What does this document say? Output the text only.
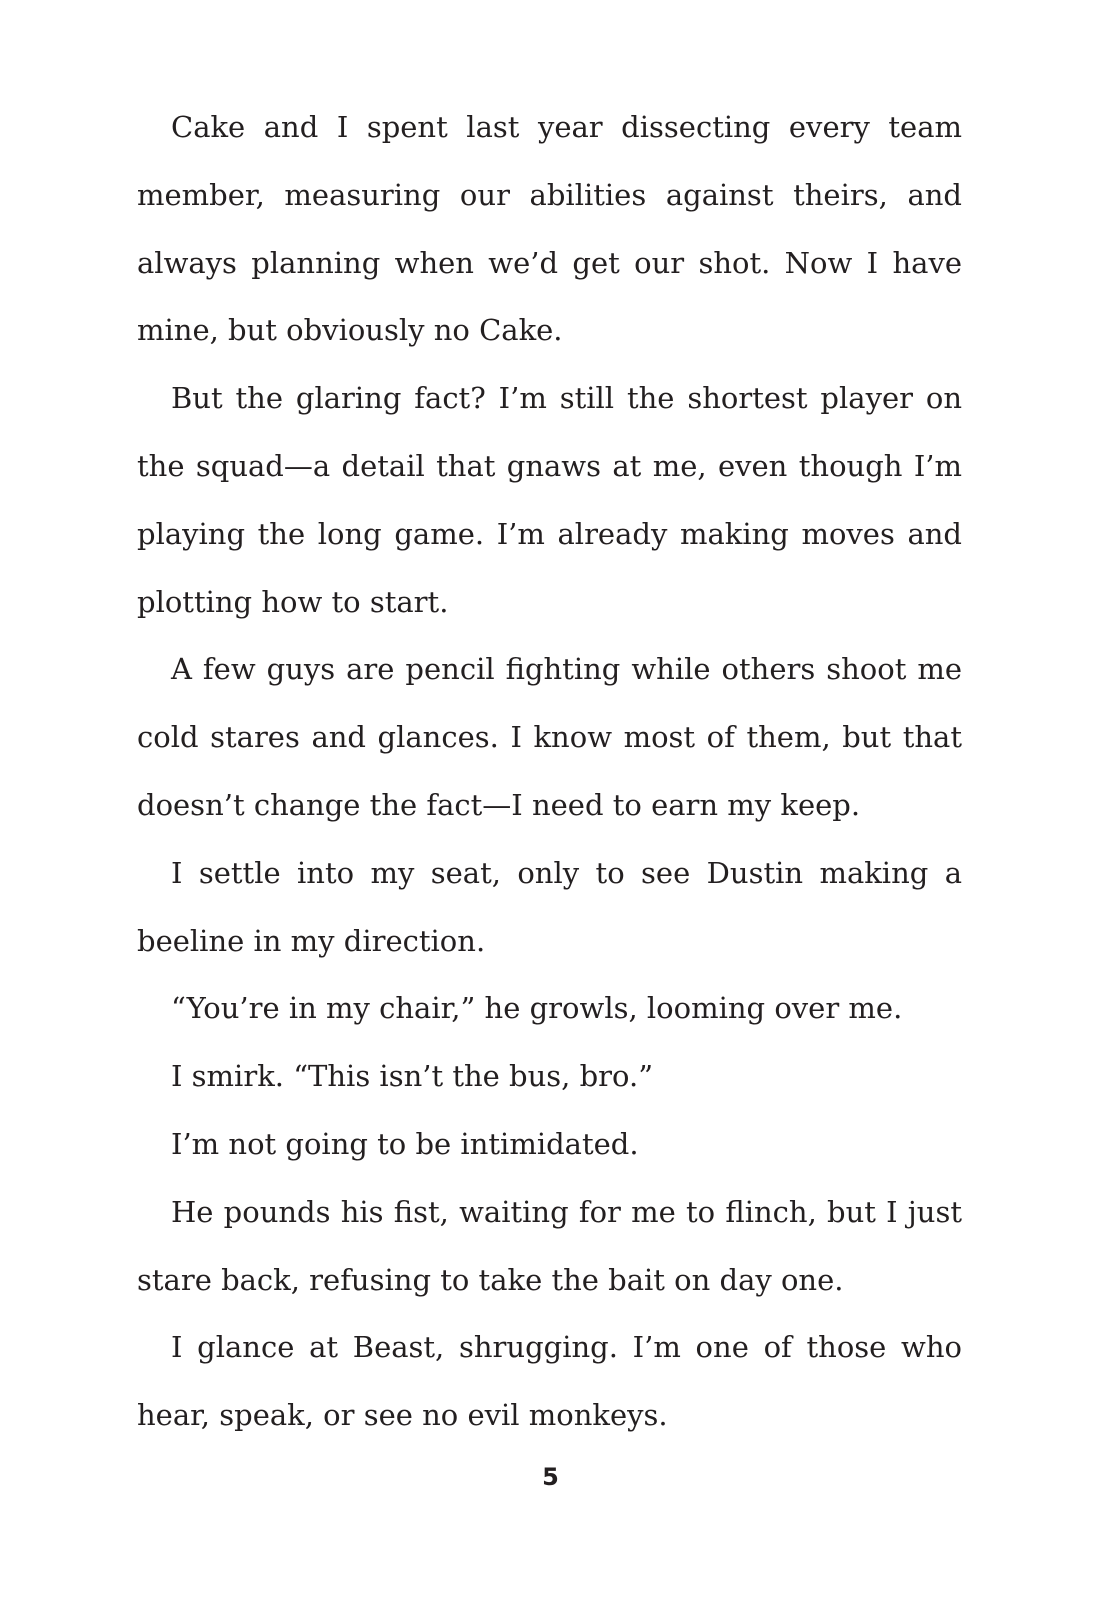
Cake and I spent last year dissecting every team member, measuring our abilities against theirs, and always planning when we’d get our shot. Now I have mine, but obviously no Cake.

But the glaring fact? I’m still the shortest player on the squad—a detail that gnaws at me, even though I’m playing the long game. I’m already making moves and plotting how to start.

A few guys are pencil fighting while others shoot me cold stares and glances. I know most of them, but that doesn’t change the fact—I need to earn my keep.

I settle into my seat, only to see Dustin making a beeline in my direction.

“You’re in my chair,” he growls, looming over me.

I smirk. “This isn’t the bus, bro.”

I’m not going to be intimidated.

He pounds his fist, waiting for me to flinch, but I just stare back, refusing to take the bait on day one.

I glance at Beast, shrugging. I’m one of those who hear, speak, or see no evil monkeys.

5
